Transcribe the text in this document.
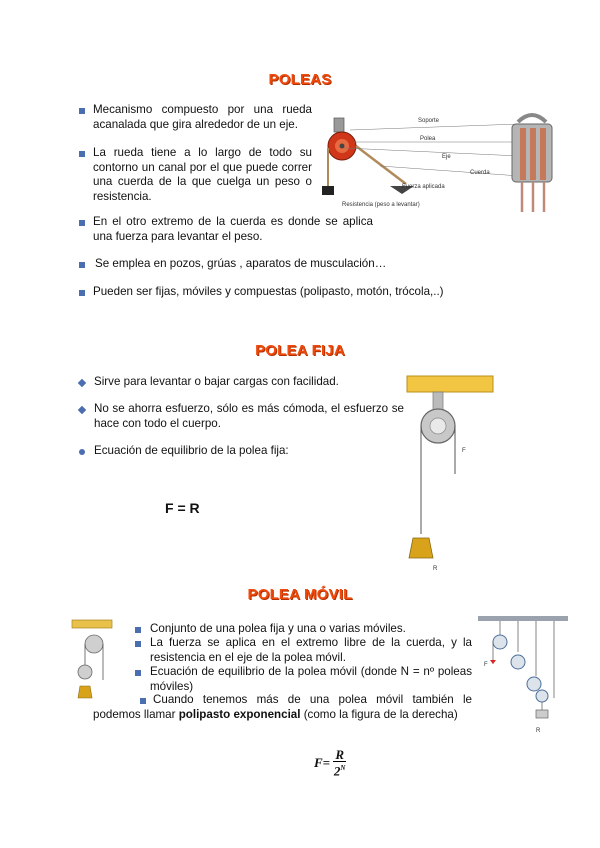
POLEAS
Mecanismo compuesto por una rueda acanalada que gira alrededor de un eje.
La rueda tiene a lo largo de todo su contorno un canal por el que puede correr una cuerda de la que cuelga un peso o resistencia.
En el otro extremo de la cuerda es donde se aplica una fuerza para levantar el peso.
Se emplea en pozos, grúas , aparatos de musculación…
Pueden ser fijas, móviles y compuestas (polipasto, motón, trócola,..)
Soporte
Polea
Eje
Cuerda
Fuerza aplicada
Resistencia (peso a levantar)
POLEA FIJA
Sirve para levantar o bajar cargas con facilidad.
No se ahorra esfuerzo, sólo es más cómoda, el esfuerzo se hace con todo el cuerpo.
Ecuación de equilibrio de la polea fija:
F = R
F
R
POLEA MÓVIL
Conjunto de una polea fija y una o varias móviles.
La fuerza se aplica en el extremo libre de la cuerda, y la resistencia en el eje de la polea móvil.
Ecuación de equilibrio de la polea móvil (donde N = nº poleas móviles)
Cuando tenemos más de una polea móvil también le podemos llamar polipasto exponencial (como la figura de la derecha)
F
R
$F= \frac{R}{2^N}$
